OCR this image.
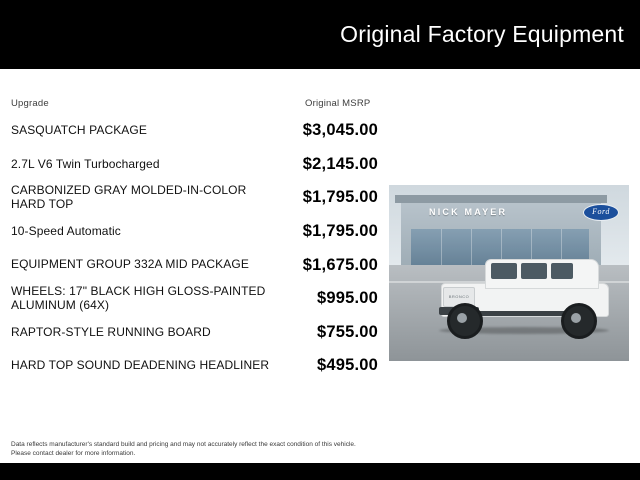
Original Factory Equipment
Upgrade	Original MSRP
SASQUATCH PACKAGE	$3,045.00
2.7L V6 Twin Turbocharged	$2,145.00
CARBONIZED GRAY MOLDED-IN-COLOR HARD TOP	$1,795.00
10-Speed Automatic	$1,795.00
EQUIPMENT GROUP 332A MID PACKAGE	$1,675.00
WHEELS: 17" BLACK HIGH GLOSS-PAINTED ALUMINUM (64X)	$995.00
RAPTOR-STYLE RUNNING BOARD	$755.00
HARD TOP SOUND DEADENING HEADLINER	$495.00
NICK MAYER	Ford
BRONCO
Data reflects manufacturer's standard build and pricing and may not accurately reflect the exact condition of this vehicle.
Please contact dealer for more information.
